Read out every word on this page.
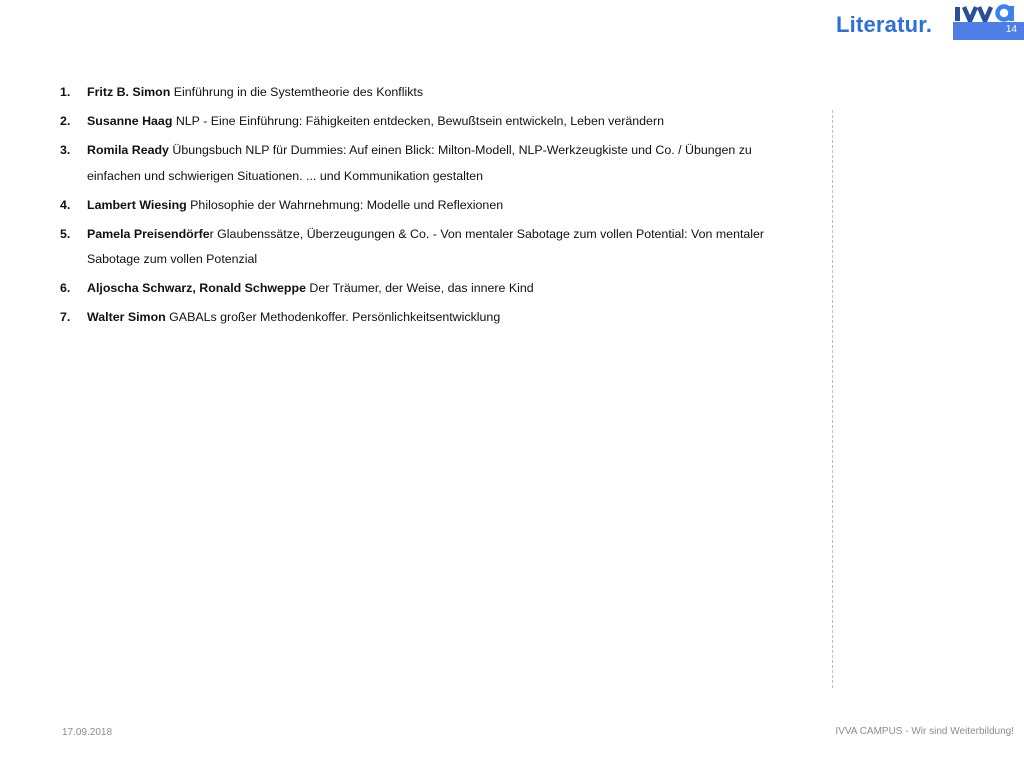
Literatur.	14
1. Fritz B. Simon Einführung in die Systemtheorie des Konflikts
2. Susanne Haag NLP - Eine Einführung: Fähigkeiten entdecken, Bewußtsein entwickeln, Leben verändern
3. Romila Ready Übungsbuch NLP für Dummies: Auf einen Blick: Milton-Modell, NLP-Werkzeugkiste und Co. / Übungen zu einfachen und schwierigen Situationen. ... und Kommunikation gestalten
4. Lambert Wiesing Philosophie der Wahrnehmung: Modelle und Reflexionen
5. Pamela Preisendörfer Glaubenssätze, Überzeugungen & Co. - Von mentaler Sabotage zum vollen Potential: Von mentaler Sabotage zum vollen Potenzial
6. Aljoscha Schwarz, Ronald Schweppe Der Träumer, der Weise, das innere Kind
7. Walter Simon GABALs großer Methodenkoffer. Persönlichkeitsentwicklung
17.09.2018	IVVA CAMPUS - Wir sind Weiterbildung!
